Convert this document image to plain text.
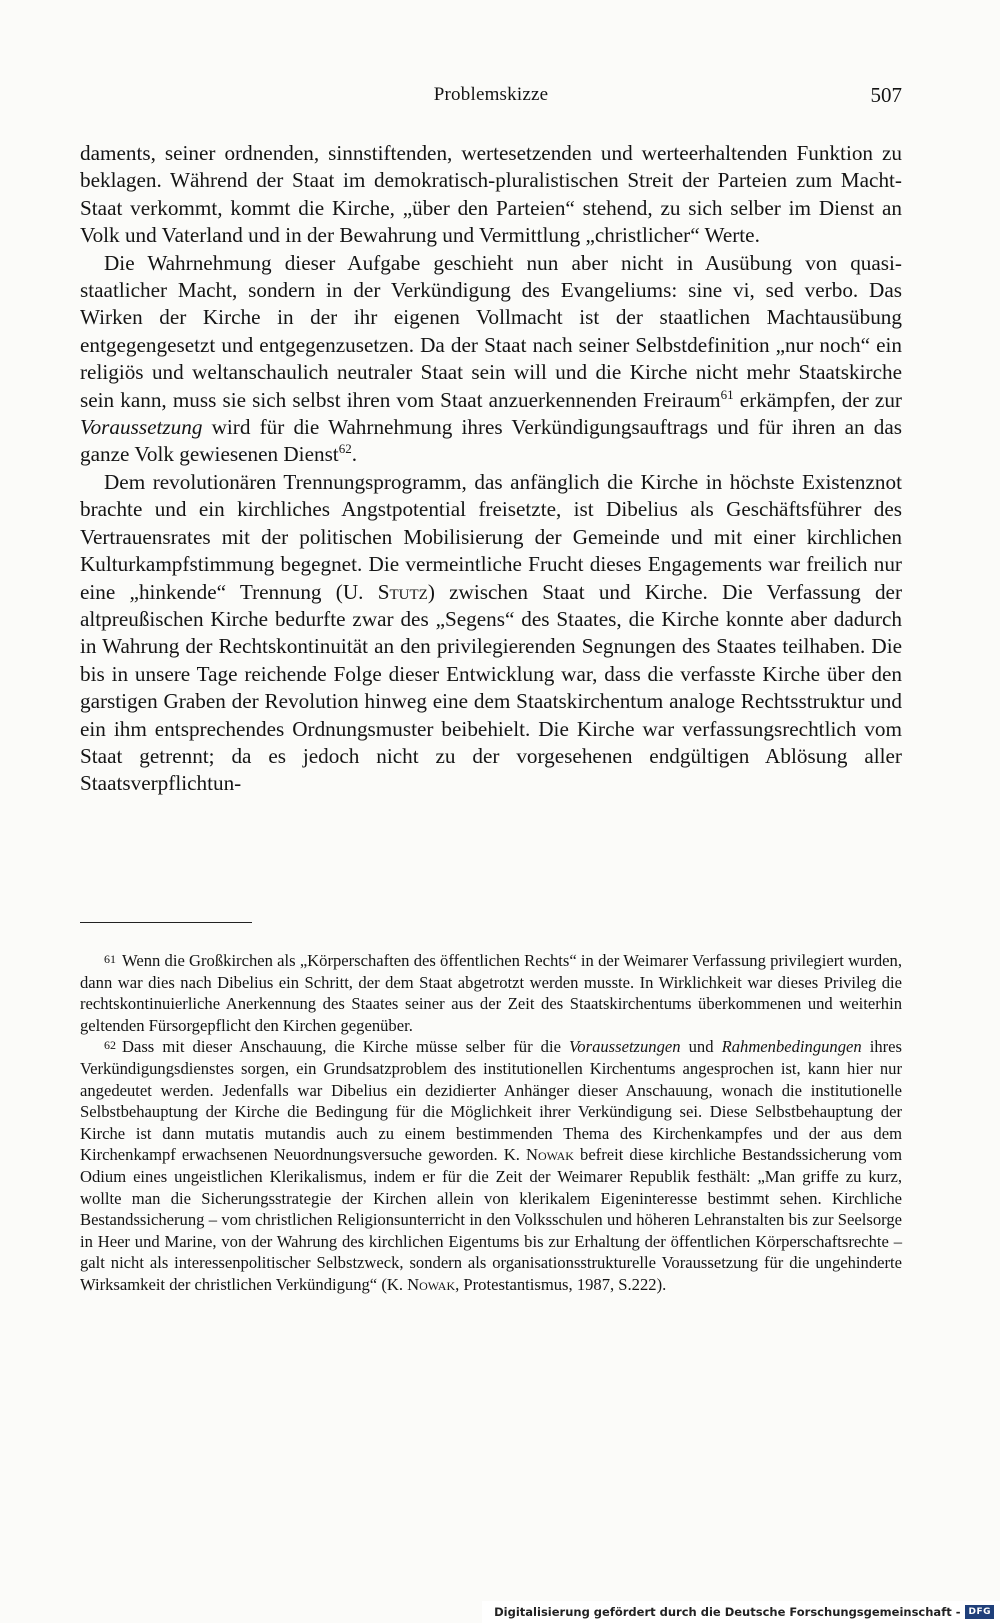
Problemskizze	507

daments, seiner ordnenden, sinnstiftenden, wertesetzenden und werteerhaltenden Funktion zu beklagen. Während der Staat im demokratisch-pluralistischen Streit der Parteien zum Macht-Staat verkommt, kommt die Kirche, „über den Parteien“ stehend, zu sich selber im Dienst an Volk und Vaterland und in der Bewahrung und Vermittlung „christlicher“ Werte.

Die Wahrnehmung dieser Aufgabe geschieht nun aber nicht in Ausübung von quasi-staatlicher Macht, sondern in der Verkündigung des Evangeliums: sine vi, sed verbo. Das Wirken der Kirche in der ihr eigenen Vollmacht ist der staatlichen Machtausübung entgegengesetzt und entgegenzusetzen. Da der Staat nach seiner Selbstdefinition „nur noch“ ein religiös und weltanschaulich neutraler Staat sein will und die Kirche nicht mehr Staatskirche sein kann, muss sie sich selbst ihren vom Staat anzuerkennenden Freiraum$^{61}$ erkämpfen, der zur Voraussetzung wird für die Wahrnehmung ihres Verkündigungsauftrags und für ihren an das ganze Volk gewiesenen Dienst$^{62}$.

Dem revolutionären Trennungsprogramm, das anfänglich die Kirche in höchste Existenznot brachte und ein kirchliches Angstpotential freisetzte, ist Dibelius als Geschäftsführer des Vertrauensrates mit der politischen Mobilisierung der Gemeinde und mit einer kirchlichen Kulturkampfstimmung begegnet. Die vermeintliche Frucht dieses Engagements war freilich nur eine „hinkende“ Trennung (U. Stutz) zwischen Staat und Kirche. Die Verfassung der altpreußischen Kirche bedurfte zwar des „Segens“ des Staates, die Kirche konnte aber dadurch in Wahrung der Rechtskontinuität an den privilegierenden Segnungen des Staates teilhaben. Die bis in unsere Tage reichende Folge dieser Entwicklung war, dass die verfasste Kirche über den garstigen Graben der Revolution hinweg eine dem Staatskirchentum analoge Rechtsstruktur und ein ihm entsprechendes Ordnungsmuster beibehielt. Die Kirche war verfassungsrechtlich vom Staat getrennt; da es jedoch nicht zu der vorgesehenen endgültigen Ablösung aller Staatsverpflichtun-

$^{61}$ Wenn die Großkirchen als „Körperschaften des öffentlichen Rechts“ in der Weimarer Verfassung privilegiert wurden, dann war dies nach Dibelius ein Schritt, der dem Staat abgetrotzt werden musste. In Wirklichkeit war dieses Privileg die rechtskontinuierliche Anerkennung des Staates seiner aus der Zeit des Staatskirchentums überkommenen und weiterhin geltenden Fürsorgepflicht den Kirchen gegenüber.

$^{62}$ Dass mit dieser Anschauung, die Kirche müsse selber für die Voraussetzungen und Rahmenbedingungen ihres Verkündigungsdienstes sorgen, ein Grundsatzproblem des institutionellen Kirchentums angesprochen ist, kann hier nur angedeutet werden. Jedenfalls war Dibelius ein dezidierter Anhänger dieser Anschauung, wonach die institutionelle Selbstbehauptung der Kirche die Bedingung für die Möglichkeit ihrer Verkündigung sei. Diese Selbstbehauptung der Kirche ist dann mutatis mutandis auch zu einem bestimmenden Thema des Kirchenkampfes und der aus dem Kirchenkampf erwachsenen Neuordnungsversuche geworden. K. Nowak befreit diese kirchliche Bestandssicherung vom Odium eines ungeistlichen Klerikalismus, indem er für die Zeit der Weimarer Republik festhält: „Man griffe zu kurz, wollte man die Sicherungsstrategie der Kirchen allein von klerikalem Eigeninteresse bestimmt sehen. Kirchliche Bestandssicherung – vom christlichen Religionsunterricht in den Volksschulen und höheren Lehranstalten bis zur Seelsorge in Heer und Marine, von der Wahrung des kirchlichen Eigentums bis zur Erhaltung der öffentlichen Körperschaftsrechte – galt nicht als interessenpolitischer Selbstzweck, sondern als organisationsstrukturelle Voraussetzung für die ungehinderte Wirksamkeit der christlichen Verkündigung“ (K. Nowak, Protestantismus, 1987, S.222).

Digitalisierung gefördert durch die Deutsche Forschungsgemeinschaft - DFG
